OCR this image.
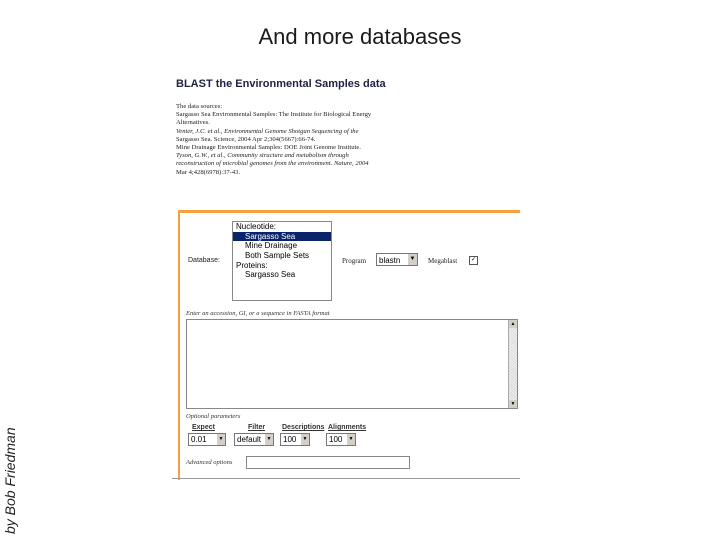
And more databases
by Bob Friedman
BLAST the Environmental Samples data
The data sources:
Sargasso Sea Environmental Samples: The Institute for Biological Energy
Alternatives.
Venter, J.C. et al., Environmental Genome Shotgun Sequencing of the
Sargasso Sea. Science, 2004 Apr 2;304(5667):66-74.
Mine Drainage Environmental Samples: DOE Joint Genome Institute.
Tyson, G.W., et al., Community structure and metabolism through
reconstruction of microbial genomes from the environment. Nature, 2004
Mar 4;428(6978):37-43.
Database:
Nucleotide:
Sargasso Sea
Mine Drainage
Both Sample Sets
Proteins:
Sargasso Sea
Program	blastn ▼ Megablast	✓
Enter an accession, GI, or a sequence in FASTA format
▲
▼
Optional parameters
Expect	Filter Descriptions Alignments
0.01	▼	default	▼	100	▼	100	▼
Advanced options
